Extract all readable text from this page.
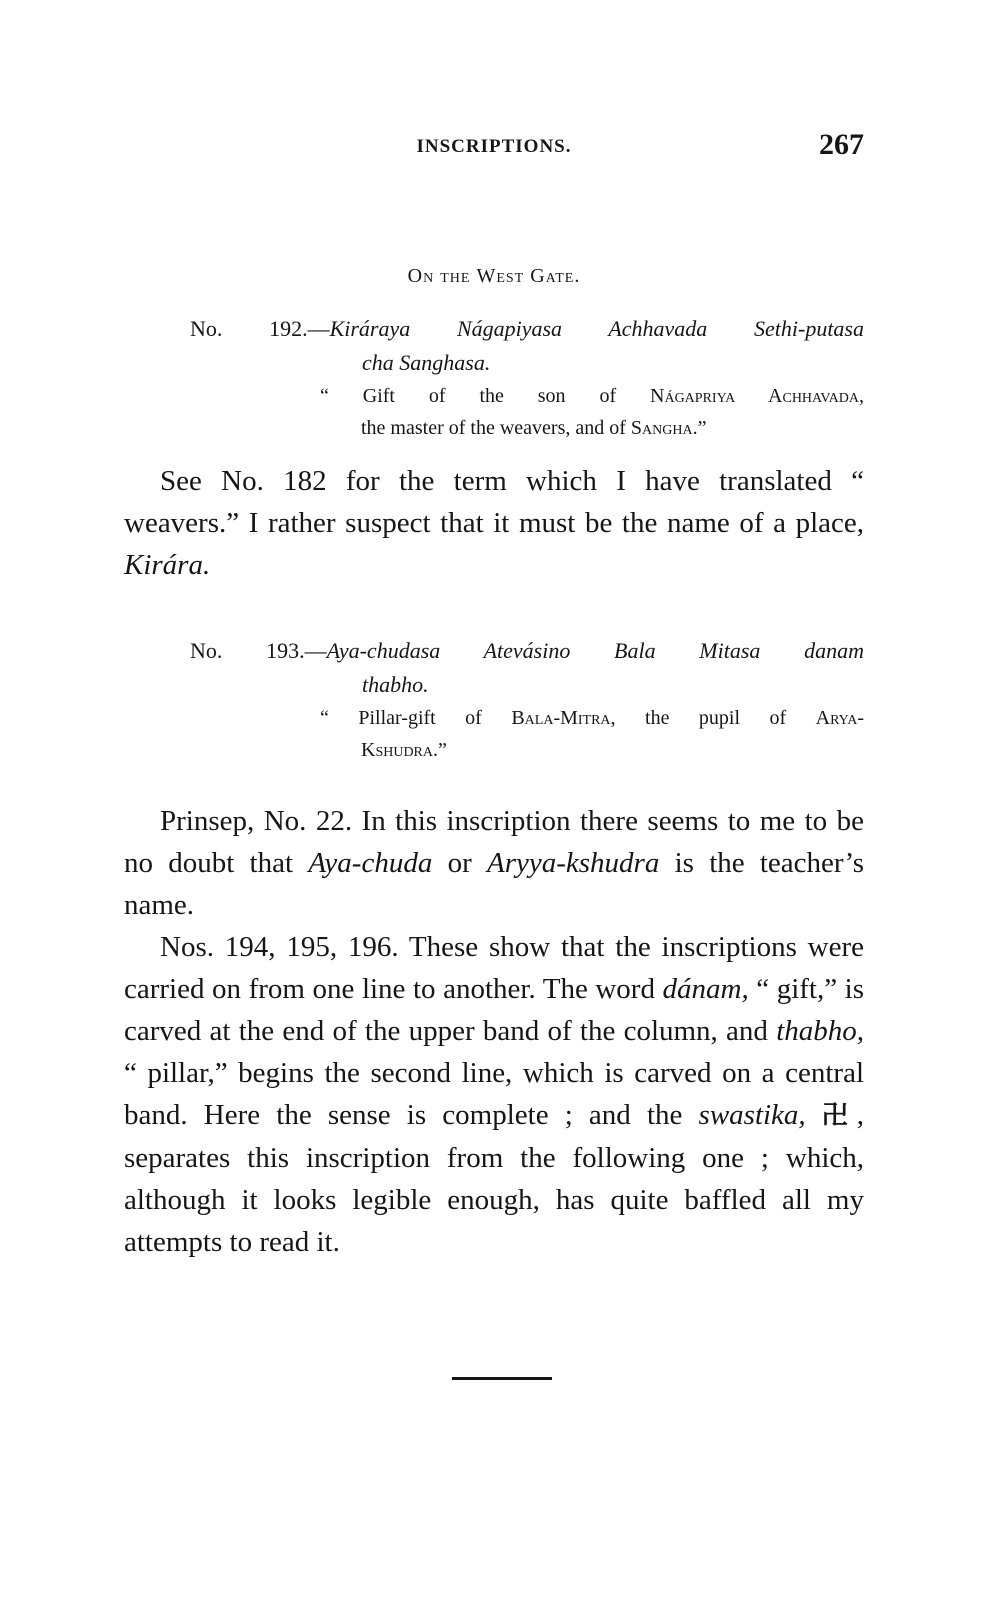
INSCRIPTIONS.	267
On the West Gate.
No. 192.—Kiráraya Nágapiyasa Achhavada Sethi-putasa
cha Sanghasa.
“ Gift of the son of Nágapriya Achhavada,
the master of the weavers, and of Sangha.”

See No. 182 for the term which I have translated “ weavers.” I rather suspect that it must be the name of a place, Kirára.

No. 193.—Aya-chudasa Atevásino Bala Mitasa danam
thabho.
“ Pillar-gift of Bala-Mitra, the pupil of Arya-
Kshudra.”

Prinsep, No. 22. In this inscription there seems to me to be no doubt that Aya-chuda or Aryya-kshudra is the teacher’s name.

Nos. 194, 195, 196. These show that the inscriptions were carried on from one line to another. The word dánam, “ gift,” is carved at the end of the upper band of the column, and thabho, “ pillar,” begins the second line, which is carved on a central band. Here the sense is complete ; and the swastika, 卍, separates this inscription from the following one ; which, although it looks legible enough, has quite baffled all my attempts to read it.
